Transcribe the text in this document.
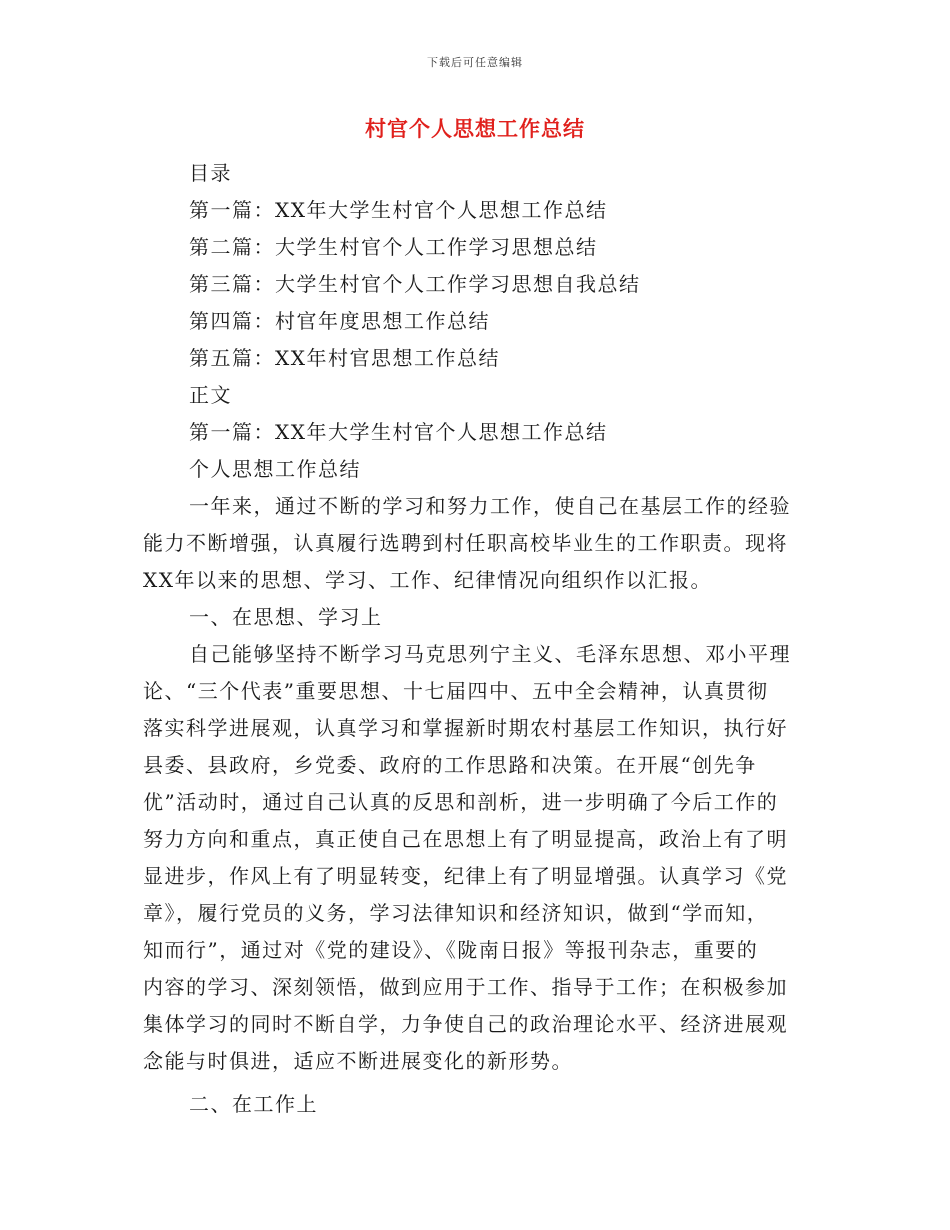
下载后可任意编辑
村官个人思想工作总结
目录
第一篇：XX年大学生村官个人思想工作总结
第二篇：大学生村官个人工作学习思想总结
第三篇：大学生村官个人工作学习思想自我总结
第四篇：村官年度思想工作总结
第五篇：XX年村官思想工作总结
正文
第一篇：XX年大学生村官个人思想工作总结
个人思想工作总结
一年来，通过不断的学习和努力工作，使自己在基层工作的经验
能力不断增强，认真履行选聘到村任职高校毕业生的工作职责。现将
XX年以来的思想、学习、工作、纪律情况向组织作以汇报。
一、在思想、学习上
自己能够坚持不断学习马克思列宁主义、毛泽东思想、邓小平理
论、“三个代表”重要思想、十七届四中、五中全会精神，认真贯彻
落实科学进展观，认真学习和掌握新时期农村基层工作知识，执行好
县委、县政府，乡党委、政府的工作思路和决策。在开展“创先争
优”活动时，通过自己认真的反思和剖析，进一步明确了今后工作的
努力方向和重点，真正使自己在思想上有了明显提高，政治上有了明
显进步，作风上有了明显转变，纪律上有了明显增强。认真学习《党
章》，履行党员的义务，学习法律知识和经济知识，做到“学而知，
知而行”，通过对《党的建设》、《陇南日报》等报刊杂志，重要的
内容的学习、深刻领悟，做到应用于工作、指导于工作；在积极参加
集体学习的同时不断自学，力争使自己的政治理论水平、经济进展观
念能与时俱进，适应不断进展变化的新形势。
二、在工作上
